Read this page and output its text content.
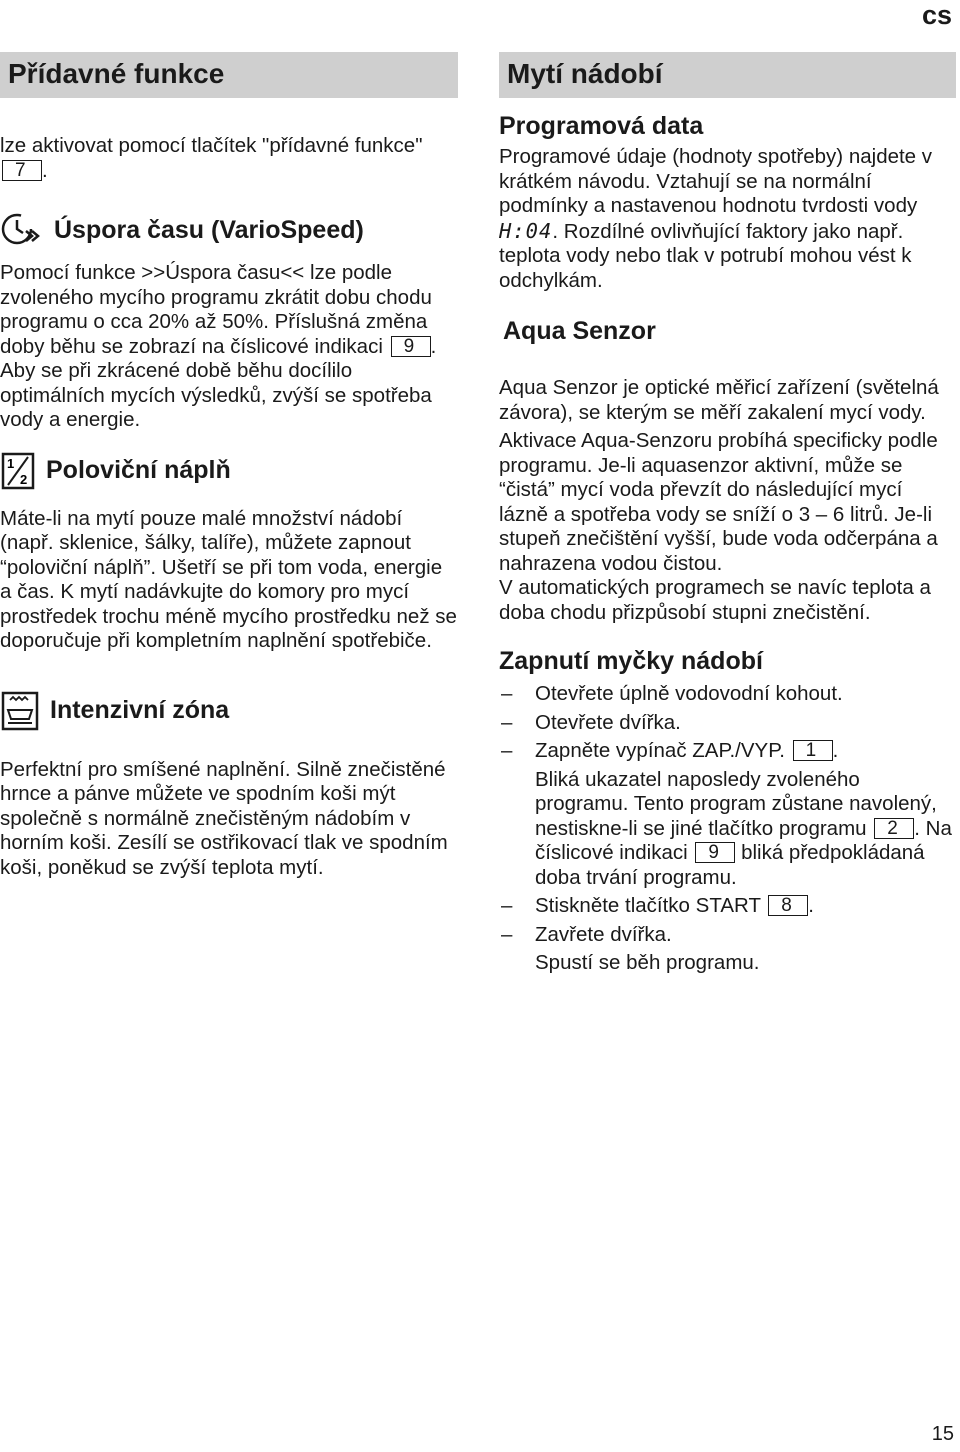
cs
Přídavné funkce

lze aktivovat pomocí tlačítek "přídavné funkce" 7 .

Úspora času (VarioSpeed)

Pomocí funkce >>Úspora času<< lze podle zvoleného mycího programu zkrátit dobu chodu programu o cca 20% až 50%. Příslušná změna doby běhu se zobrazí na číslicové indikaci 9 . Aby se při zkrácené době běhu docílilo optimálních mycích výsledků, zvýší se spotřeba vody a energie.

1
2 Poloviční náplň

Máte-li na mytí pouze malé množství nádobí (např. sklenice, šálky, talíře), můžete zapnout “poloviční náplň”. Ušetří se při tom voda, energie a čas. K mytí nadávkujte do komory pro mycí prostředek trochu méně mycího prostředku než se doporučuje při kompletním naplnění spotřebiče.

Intenzivní zóna

Perfektní pro smíšené naplnění. Silně znečistěné hrnce a pánve můžete ve spodním koši mýt společně s normálně znečistěným nádobím v horním koši. Zesílí se ostřikovací tlak ve spodním koši, poněkud se zvýší teplota mytí.

Mytí nádobí
Programová data

Programové údaje (hodnoty spotřeby) najdete v krátkém návodu. Vztahují se na normální podmínky a nastavenou hodnotu tvrdosti vody H:04. Rozdílné ovlivňující faktory jako např. teplota vody nebo tlak v potrubí mohou vést k odchylkám.

Aqua Senzor

Aqua Senzor je optické měřicí zařízení (světelná závora), se kterým se měří zakalení mycí vody.

Aktivace Aqua-Senzoru probíhá specificky podle programu. Je-li aquasenzor aktivní, může se “čistá” mycí voda převzít do následující mycí lázně a spotřeba vody se sníží o 3 – 6 litrů. Je-li stupeň znečištění vyšší, bude voda odčerpána a nahrazena vodou čistou.

V automatických programech se navíc teplota a doba chodu přizpůsobí stupni znečistění.

Zapnutí myčky nádobí
– Otevřete úplně vodovodní kohout.
– Otevřete dvířka.
– Zapněte vypínač ZAP./VYP. 1 .
Bliká ukazatel naposledy zvoleného programu. Tento program zůstane navolený, nestiskne-li se jiné tlačítko programu 2 . Na číslicové indikaci 9 bliká předpokládaná doba trvání programu.
– Stiskněte tlačítko START 8 .
– Zavřete dvířka.
Spustí se běh programu.
15
